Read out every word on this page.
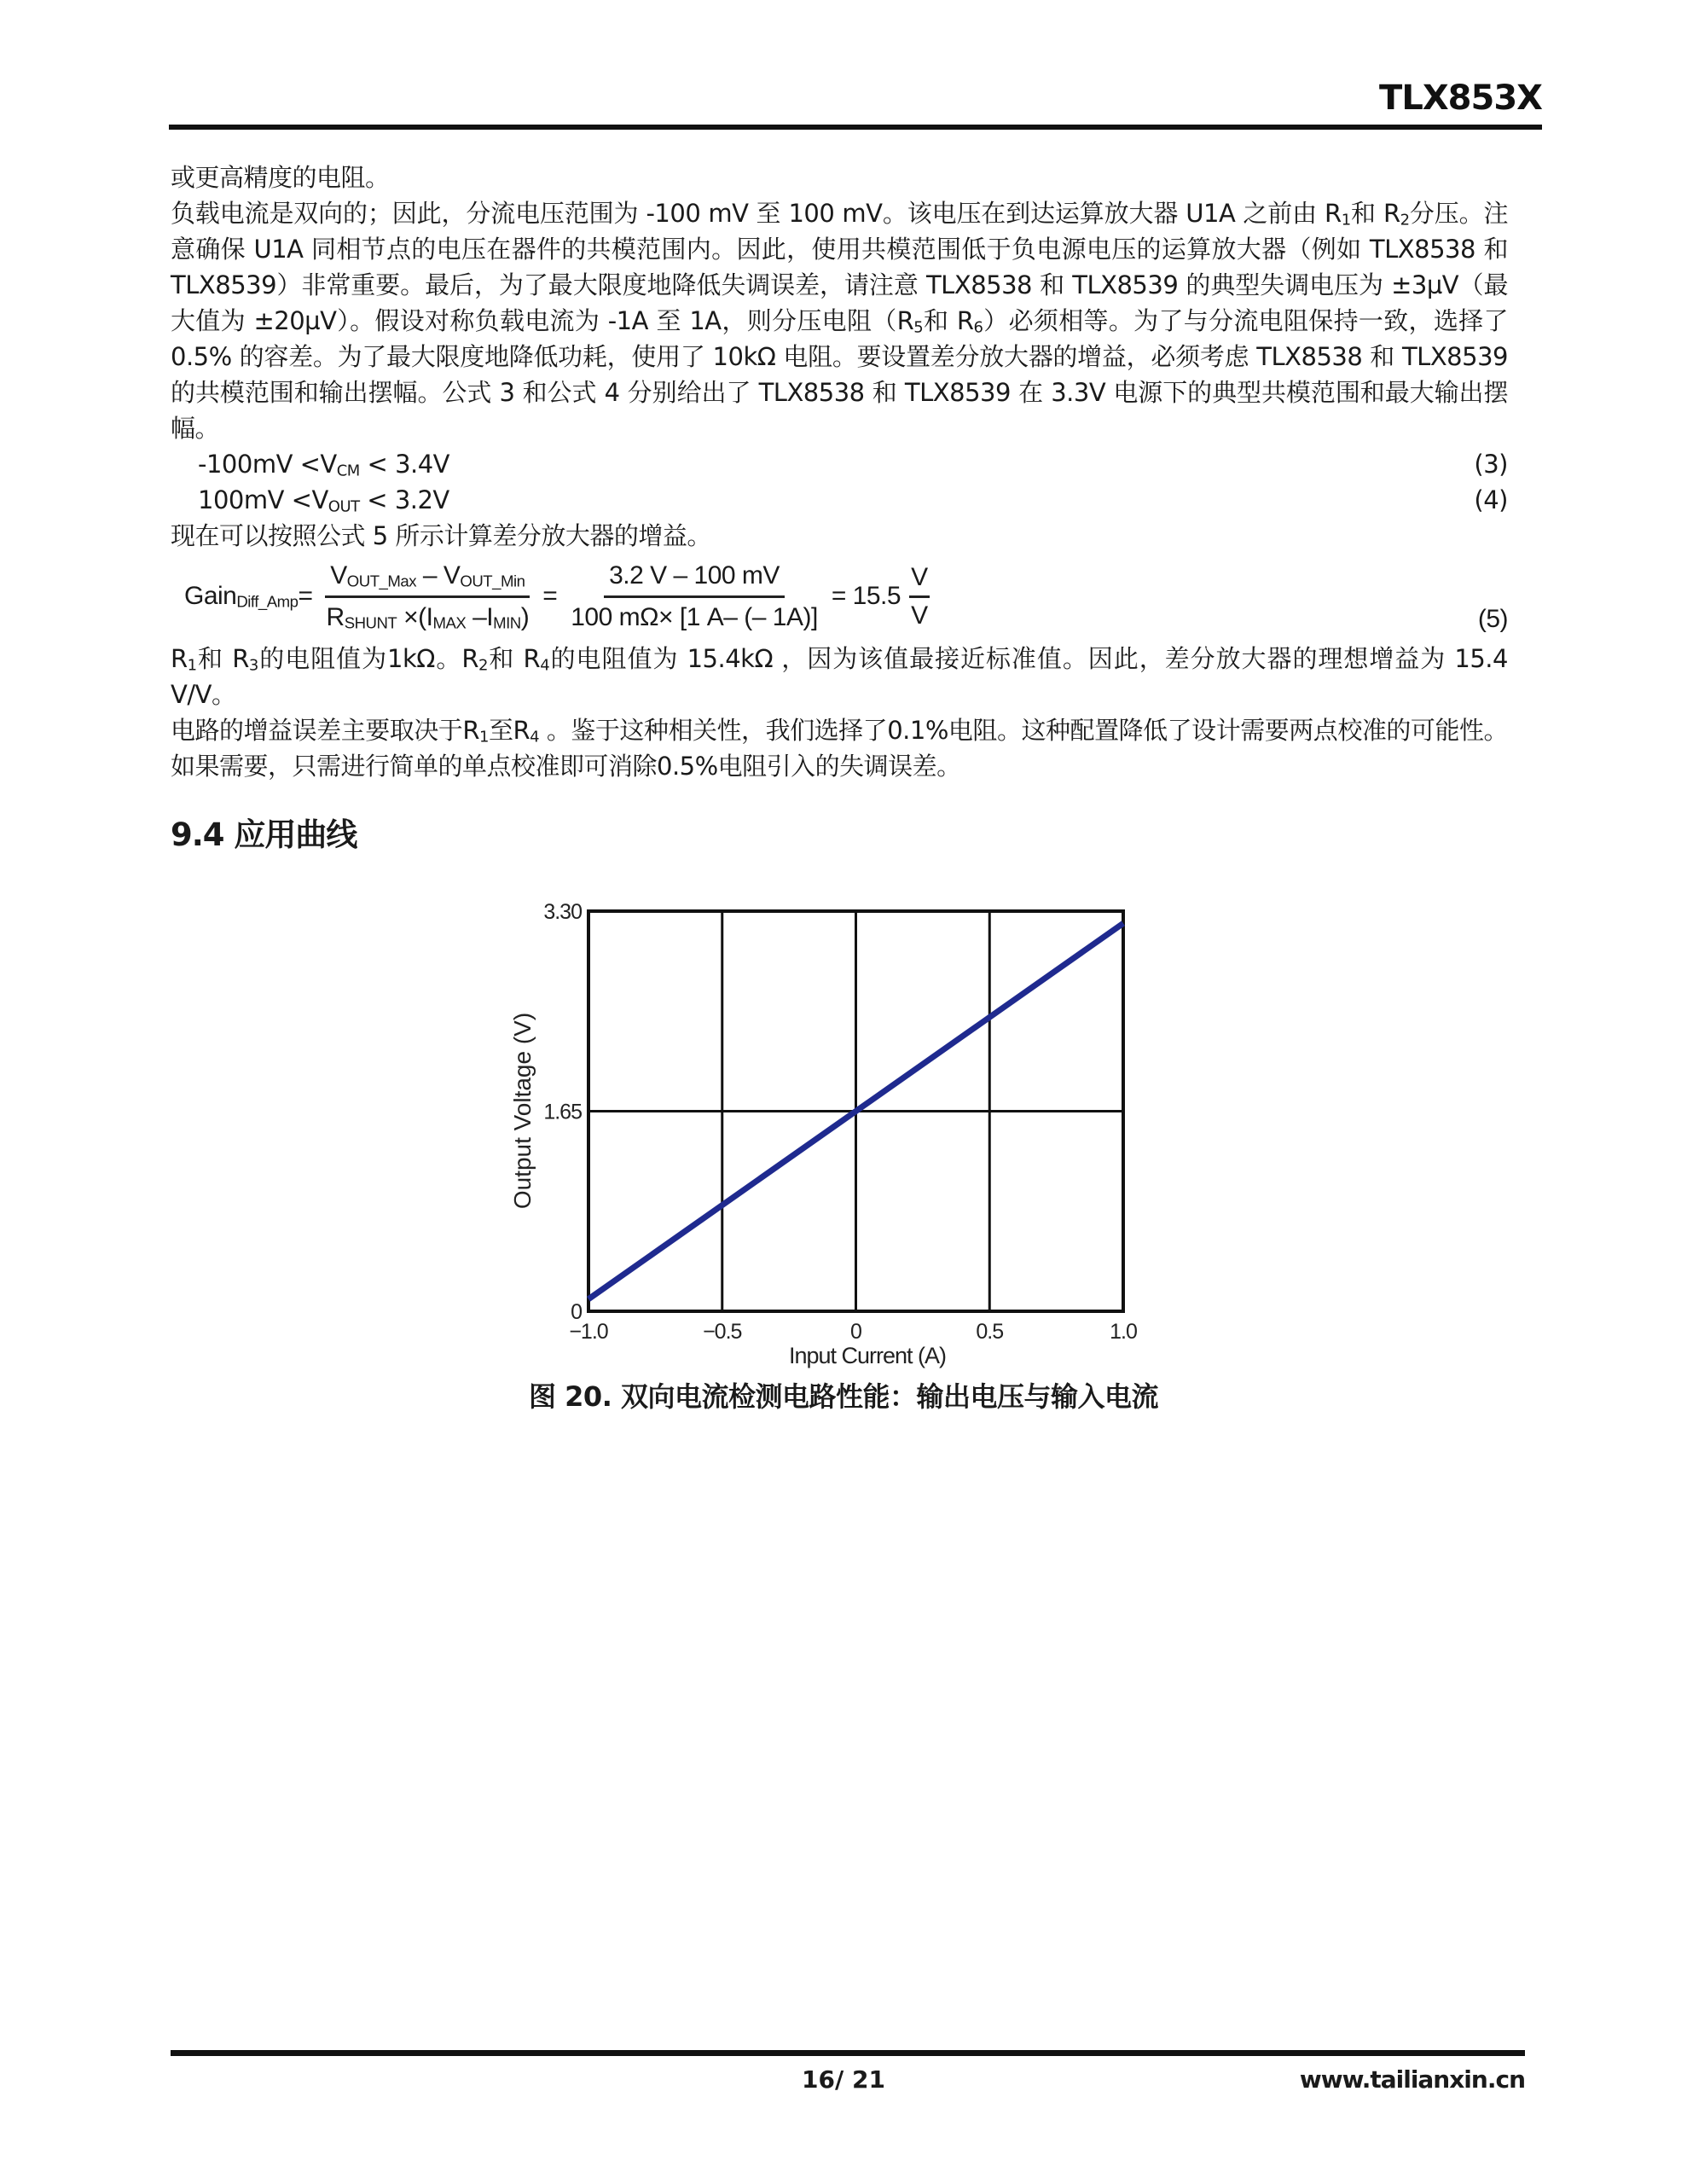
TLX853X

或更高精度的电阻。

负载电流是双向的；因此，分流电压范围为 -100 mV 至 100 mV。该电压在到达运算放大器 U1A 之前由 $R_1$和 $R_2$分压。注意确保 U1A 同相节点的电压在器件的共模范围内。因此，使用共模范围低于负电源电压的运算放大器（例如 TLX8538 和 TLX8539）非常重要。最后，为了最大限度地降低失调误差，请注意 TLX8538 和 TLX8539 的典型失调电压为 ±3µV（最大值为 ±20µV）。假设对称负载电流为 -1A 至 1A，则分压电阻（$R_5$和 $R_6$）必须相等。为了与分流电阻保持一致，选择了 0.5% 的容差。为了最大限度地降低功耗，使用了 10kΩ 电阻。要设置差分放大器的增益，必须考虑 TLX8538 和 TLX8539 的共模范围和输出摆幅。公式 3 和公式 4 分别给出了 TLX8538 和 TLX8539 在 3.3V 电源下的典型共模范围和最大输出摆幅。

$-100mV <V_{CM} < 3.4V$	(3)
$100mV <V_{OUT} < 3.2V$	(4)

现在可以按照公式 5 所示计算差分放大器的增益。

Gain$_{Diff\_Amp}$ = $\frac{V_{OUT\_Max} - V_{OUT\_Min}}{R_{SHUNT} \times(I_{MAX} -I_{MIN})} = \frac{3.2 V - 100 mV}{100 m\Omega\times [1 A- (- 1A)]} = 15.5 \frac{V}{V}$	(5)

$R_1$和 $R_3$的电阻值为1kΩ。$R_2$和 $R_4$的电阻值为 15.4kΩ ，因为该值最接近标准值。因此，差分放大器的理想增益为 15.4 V/V。

电路的增益误差主要取决于$R_1$至$R_4$ 。鉴于这种相关性，我们选择了0.1%电阻。这种配置降低了设计需要两点校准的可能性。如果需要，只需进行简单的单点校准即可消除0.5%电阻引入的失调误差。

9.4 应用曲线
−1.0	−0.5	0	0.5	1.0
0
1.65
3.30
Input Current (A)
Output Voltage (V)
图 20. 双向电流检测电路性能：输出电压与输入电流
16/ 21	www.tailianxin.cn
